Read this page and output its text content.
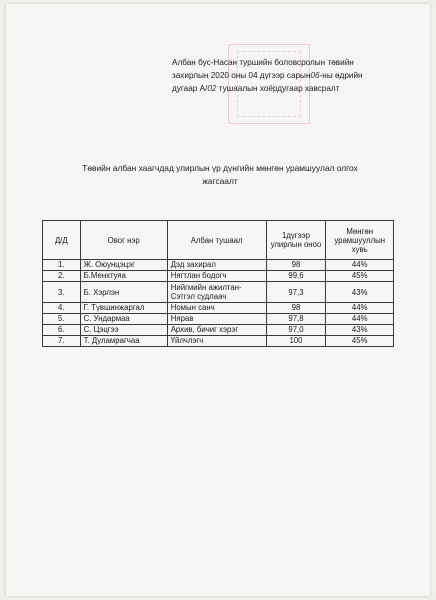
Албан бус-Насан туршийн боловсролын төвийн
захирлын 2020 оны 04 дүгээр сарын06-ны өдрийн
дугаар А/02 тушаалын хоёрдугаар хавсралт
Төвийн албан хаагчдад улирлын үр дүнгийн мөнгөн урамшуулал олгох жагсаалт
Д/Д	Овог нэр	Албан тушаал	1дүгээр улирлын оноо	Мөнгөн урамшууллын хувь
1.	Ж. Оюунцэцэг	Дэд захирал	98	44%
2.	Б.Менхтуяа	Нягтлан бодогч	99,6	45%
3.	Б. Хэрлэн	Нийгмийн ажилтан-Сэтгэл судлаач	97,3	43%
4.	Г. Түвшинжаргал	Номын санч	98	44%
5.	С. Ундармаа	Нярав	97,8	44%
6.	С. Цэцгээ	Архив, бичиг хэрэг	97,0	43%
7.	Т. Дуламрагчаа	Үйлчлэгч	100	45%
